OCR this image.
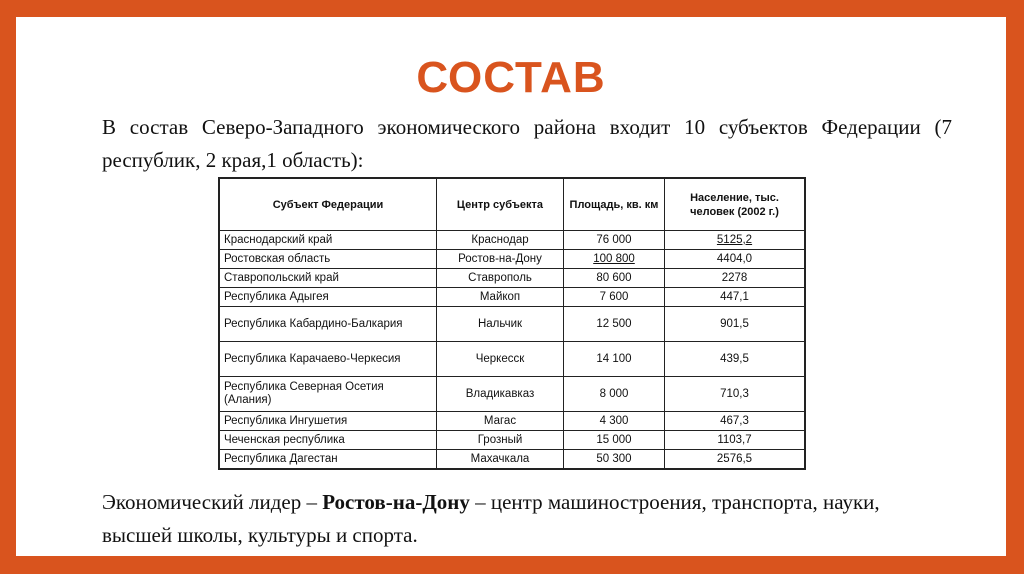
СОСТАВ
В состав Северо-Западного экономического района входит 10 субъектов Федерации (7 республик, 2 края,1 область):
Субъект Федерации	Центр субъекта	Площадь, кв. км	Население, тыс. человек (2002 г.)
Краснодарский край	Краснодар	76 000	5125,2
Ростовская область	Ростов-на-Дону	100 800	4404,0
Ставропольский край	Ставрополь	80 600	2278
Республика Адыгея	Майкоп	7 600	447,1
Республика Кабардино-Балкария	Нальчик	12 500	901,5
Республика Карачаево-Черкесия	Черкесск	14 100	439,5
Республика Северная Осетия (Алания)	Владикавказ	8 000	710,3
Республика Ингушетия	Магас	4 300	467,3
Чеченская республика	Грозный	15 000	1103,7
Республика Дагестан	Махачкала	50 300	2576,5
Экономический лидер – Ростов-на-Дону – центр машиностроения, транспорта, науки, высшей школы, культуры и спорта.
